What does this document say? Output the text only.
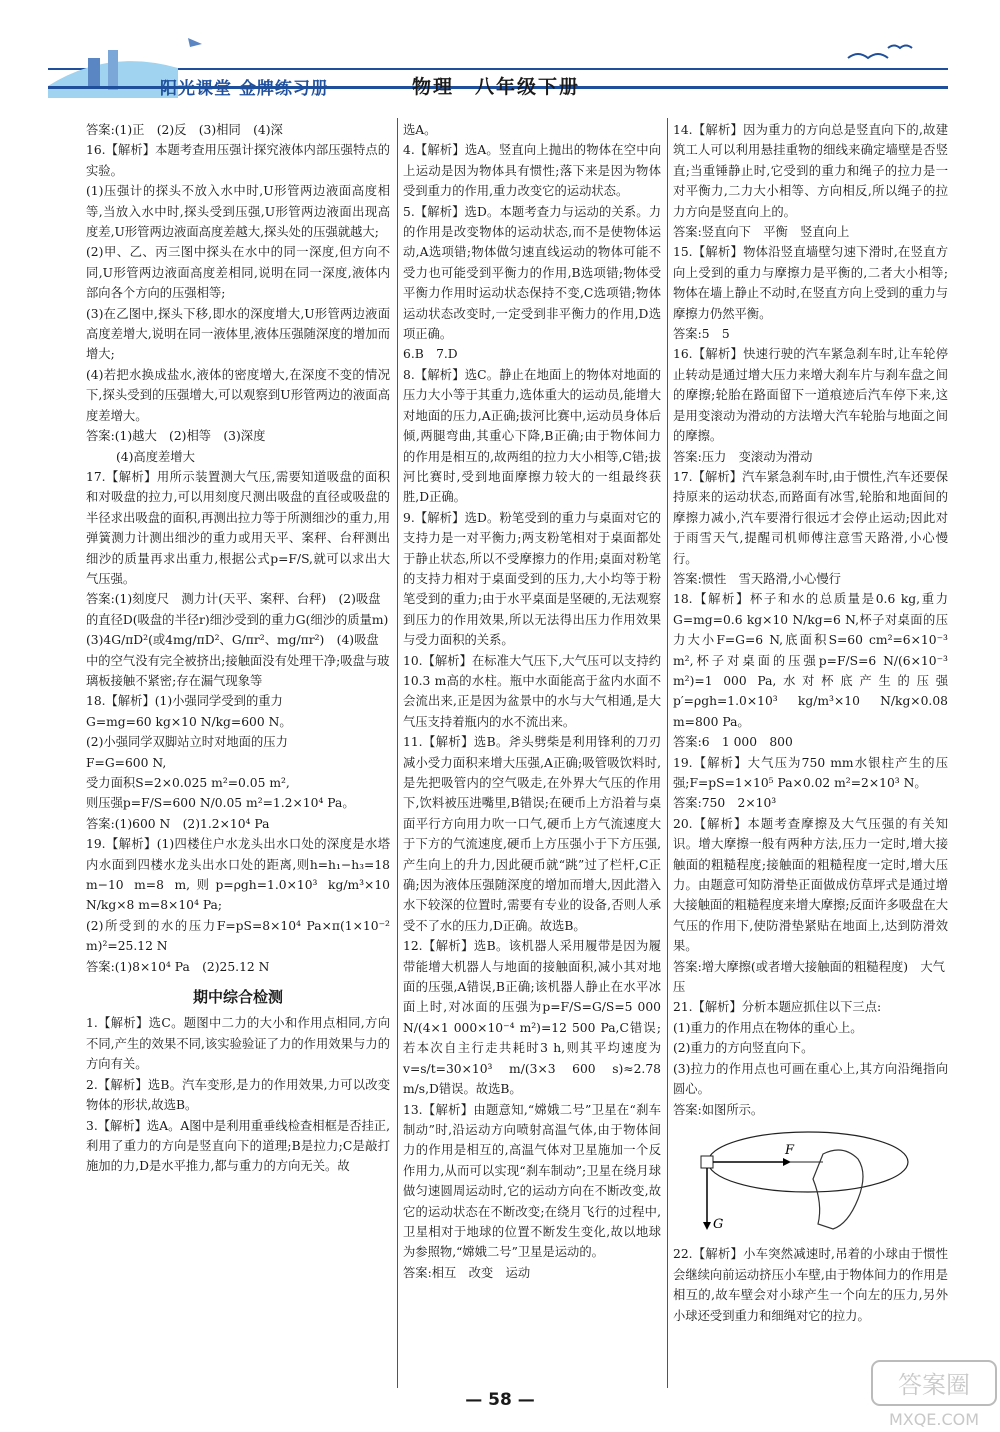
阳光课堂 金牌练习册	物理　八年级下册

答案:(1)正　(2)反　(3)相同　(4)深

16.【解析】本题考查用压强计探究液体内部压强特点的实验。

(1)压强计的探头不放入水中时,U形管两边液面高度相等,当放入水中时,探头受到压强,U形管两边液面出现高度差,U形管两边液面高度差越大,探头处的压强就越大;

(2)甲、乙、丙三图中探头在水中的同一深度,但方向不同,U形管两边液面高度差相同,说明在同一深度,液体内部向各个方向的压强相等;

(3)在乙图中,探头下移,即水的深度增大,U形管两边液面高度差增大,说明在同一液体里,液体压强随深度的增加而增大;

(4)若把水换成盐水,液体的密度增大,在深度不变的情况下,探头受到的压强增大,可以观察到U形管两边的液面高度差增大。

答案:(1)越大　(2)相等　(3)深度

(4)高度差增大

17.【解析】用所示装置测大气压,需要知道吸盘的面积和对吸盘的拉力,可以用刻度尺测出吸盘的直径或吸盘的半径求出吸盘的面积,再测出拉力等于所测细沙的重力,用弹簧测力计测出细沙的重力或用天平、案秤、台秤测出细沙的质量再求出重力,根据公式p=F/S,就可以求出大气压强。

答案:(1)刻度尺　测力计(天平、案秤、台秤)　(2)吸盘的直径D(吸盘的半径r)细沙受到的重力G(细沙的质量m)

(3)4G/πD²(或4mg/πD²、G/πr²、mg/πr²)　(4)吸盘中的空气没有完全被挤出;接触面没有处理干净;吸盘与玻璃板接触不紧密;存在漏气现象等

18.【解析】(1)小强同学受到的重力

G=mg=60 kg×10 N/kg=600 N。

(2)小强同学双脚站立时对地面的压力

F=G=600 N,

受力面积S=2×0.025 m²=0.05 m²,

则压强p=F/S=600 N/0.05 m²=1.2×10⁴ Pa。

答案:(1)600 N　(2)1.2×10⁴ Pa

19.【解析】(1)四楼住户水龙头出水口处的深度是水塔内水面到四楼水龙头出水口处的距离,则h=h₁−h₃=18 m−10 m=8 m,则p=ρgh=1.0×10³ kg/m³×10 N/kg×8 m=8×10⁴ Pa;

(2)所受到的水的压力F=pS=8×10⁴ Pa×π(1×10⁻² m)²=25.12 N

答案:(1)8×10⁴ Pa　(2)25.12 N

期中综合检测

1.【解析】选C。题图中二力的大小和作用点相同,方向不同,产生的效果不同,该实验验证了力的作用效果与力的方向有关。

2.【解析】选B。汽车变形,是力的作用效果,力可以改变物体的形状,故选B。

3.【解析】选A。A图中是利用重垂线检查相框是否挂正,利用了重力的方向是竖直向下的道理;B是拉力;C是敲打施加的力,D是水平推力,都与重力的方向无关。故

选A。

4.【解析】选A。竖直向上抛出的物体在空中向上运动是因为物体具有惯性;落下来是因为物体受到重力的作用,重力改变它的运动状态。

5.【解析】选D。本题考查力与运动的关系。力的作用是改变物体的运动状态,而不是使物体运动,A选项错;物体做匀速直线运动的物体可能不受力也可能受到平衡力的作用,B选项错;物体受平衡力作用时运动状态保持不变,C选项错;物体运动状态改变时,一定受到非平衡力的作用,D选项正确。

6.B　7.D

8.【解析】选C。静止在地面上的物体对地面的压力大小等于其重力,选体重大的运动员,能增大对地面的压力,A正确;拔河比赛中,运动员身体后倾,两腿弯曲,其重心下降,B正确;由于物体间力的作用是相互的,故两组的拉力大小相等,C错;拔河比赛时,受到地面摩擦力较大的一组最终获胜,D正确。

9.【解析】选D。粉笔受到的重力与桌面对它的支持力是一对平衡力;两支粉笔相对于桌面都处于静止状态,所以不受摩擦力的作用;桌面对粉笔的支持力相对于桌面受到的压力,大小均等于粉笔受到的重力;由于水平桌面是坚硬的,无法观察到压力的作用效果,所以无法得出压力作用效果与受力面积的关系。

10.【解析】在标准大气压下,大气压可以支持约10.3 m高的水柱。瓶中水面能高于盆内水面不会流出来,正是因为盆景中的水与大气相通,是大气压支持着瓶内的水不流出来。

11.【解析】选B。斧头劈柴是利用锋利的刀刃减小受力面积来增大压强,A正确;吸管吸饮料时,是先把吸管内的空气吸走,在外界大气压的作用下,饮料被压进嘴里,B错误;在硬币上方沿着与桌面平行方向用力吹一口气,硬币上方气流速度大于下方的气流速度,硬币上方压强小于下方压强,产生向上的升力,因此硬币就“跳”过了栏杆,C正确;因为液体压强随深度的增加而增大,因此潜入水下较深的位置时,需要有专业的设备,否则人承受不了水的压力,D正确。故选B。

12.【解析】选B。该机器人采用履带是因为履带能增大机器人与地面的接触面积,减小其对地面的压强,A错误,B正确;该机器人静止在水平冰面上时,对冰面的压强为p=F/S=G/S=5 000 N/(4×1 000×10⁻⁴ m²)=12 500 Pa,C错误;若本次自主行走共耗时3 h,则其平均速度为v=s/t=30×10³ m/(3×3 600 s)≈2.78 m/s,D错误。故选B。

13.【解析】由题意知,“嫦娥二号”卫星在“刹车制动”时,沿运动方向喷射高温气体,由于物体间力的作用是相互的,高温气体对卫星施加一个反作用力,从而可以实现“刹车制动”;卫星在绕月球做匀速圆周运动时,它的运动方向在不断改变,故它的运动状态在不断改变;在绕月飞行的过程中,卫星相对于地球的位置不断发生变化,故以地球为参照物,“嫦娥二号”卫星是运动的。

答案:相互　改变　运动

14.【解析】因为重力的方向总是竖直向下的,故建筑工人可以利用悬挂重物的细线来确定墙壁是否竖直;当重锤静止时,它受到的重力和绳子的拉力是一对平衡力,二力大小相等、方向相反,所以绳子的拉力方向是竖直向上的。

答案:竖直向下　平衡　竖直向上

15.【解析】物体沿竖直墙壁匀速下滑时,在竖直方向上受到的重力与摩擦力是平衡的,二者大小相等;物体在墙上静止不动时,在竖直方向上受到的重力与摩擦力仍然平衡。

答案:5　5

16.【解析】快速行驶的汽车紧急刹车时,让车轮停止转动是通过增大压力来增大刹车片与刹车盘之间的摩擦;轮胎在路面留下一道痕迹后汽车停下来,这是用变滚动为滑动的方法增大汽车轮胎与地面之间的摩擦。

答案:压力　变滚动为滑动

17.【解析】汽车紧急刹车时,由于惯性,汽车还要保持原来的运动状态,而路面有冰雪,轮胎和地面间的摩擦力减小,汽车要滑行很远才会停止运动;因此对于雨雪天气,提醒司机师傅注意雪天路滑,小心慢行。

答案:惯性　雪天路滑,小心慢行

18.【解析】杯子和水的总质量是0.6 kg,重力G=mg=0.6 kg×10 N/kg=6 N,杯子对桌面的压力大小F=G=6 N,底面积S=60 cm²=6×10⁻³ m²,杯子对桌面的压强p=F/S=6 N/(6×10⁻³ m²)=1 000 Pa,水对杯底产生的压强p′=ρgh=1.0×10³ kg/m³×10 N/kg×0.08 m=800 Pa。

答案:6　1 000　800

19.【解析】大气压为750 mm水银柱产生的压强;F=pS=1×10⁵ Pa×0.02 m²=2×10³ N。

答案:750　2×10³

20.【解析】本题考查摩擦及大气压强的有关知识。增大摩擦一般有两种方法,压力一定时,增大接触面的粗糙程度;接触面的粗糙程度一定时,增大压力。由题意可知防滑垫正面做成仿草坪式是通过增大接触面的粗糙程度来增大摩擦;反面许多吸盘在大气压的作用下,使防滑垫紧贴在地面上,达到防滑效果。

答案:增大摩擦(或者增大接触面的粗糙程度)　大气压

21.【解析】分析本题应抓住以下三点:

(1)重力的作用点在物体的重心上。

(2)重力的方向竖直向下。

(3)拉力的作用点也可画在重心上,其方向沿绳指向圆心。

答案:如图所示。

F
G

22.【解析】小车突然减速时,吊着的小球由于惯性会继续向前运动挤压小车壁,由于物体间力的作用是相互的,故车壁会对小球产生一个向左的压力,另外小球还受到重力和细绳对它的拉力。

— 58 —
答案圈
MXQE.COM
